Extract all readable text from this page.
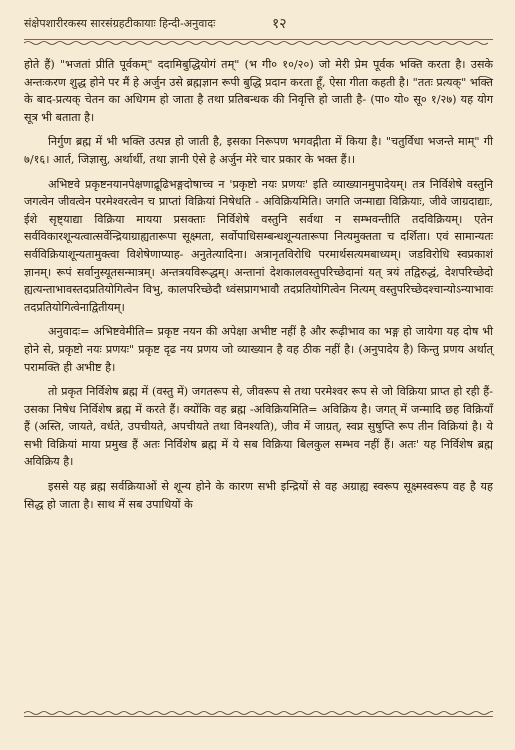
संक्षेपशारीरकस्य सारसंग्रहटीकायाः हिन्दी-अनुवादः	१२

होते हैं) "भजतां प्रीति पूर्वकम्" ददामिबुद्धियोगं तम्" (भ गी० १०/२०) जो मेरी प्रेम पूर्वक भक्ति करता है। उसके अन्तःकरण शुद्ध होने पर मैं हे अर्जुन उसे ब्रह्मज्ञान रूपी बुद्धि प्रदान करता हूँ, ऐसा गीता कहती है। "ततः प्रत्यक्" भक्ति के बाद-प्रत्यक् चेतन का अधिगम हो जाता है तथा प्रतिबन्धक की निवृत्ति हो जाती है- (पा० यो० सू० १/२७) यह योग सूत्र भी बताता है।

निर्गुण ब्रह्म में भी भक्ति उत्पन्न हो जाती है, इसका निरूपण भगवद्गीता में किया है। "चतुर्विधा भजन्ते माम्" गी ७/१६। आर्त, जिज्ञासु, अर्थार्थी, तथा ज्ञानी ऐसे हे अर्जुन मेरे चार प्रकार के भक्त हैं।।

अभिष्टवे प्रकृष्टनयानपेक्षणाद्रूढिभङ्गदोषाच्च न 'प्रकृष्टो नयः प्रणयः' इति व्याख्यानमुपादेयम्। तत्र निर्विशेषे वस्तुनि जगत्वेन जीवत्वेन परमेश्वरत्वेन च प्राप्तां विक्रियां निषेधति - अविक्रियमिति। जगति जन्माद्या विक्रियाः, जीवे जाग्रदाद्याः, ईशे सृष्ट्याद्या विक्रिया मायया प्रसक्ताः निर्विशेषे वस्तुनि सर्वथा न सम्भवन्तीति तदविक्रियम्। एतेन सर्वविकारशून्यत्वात्सर्वेन्द्रियाग्राह्यतारूपा सूक्ष्मता, सर्वोपाधिसम्बन्धशून्यतारूपा नित्यमुक्तता च दर्शिता। एवं सामान्यतः सर्वविक्रियाशून्यतामुक्त्वा विशेषेणाप्याह- अनुतेत्यादिना। अत्रानृतविरोधि परमार्थसत्यमबाध्यम्। जडविरोधि स्वप्रकाशं ज्ञानम्। रूपं सर्वानुस्यूतसन्मात्रम्। अन्तत्रयविरूद्धम्। अन्तानां देशकालवस्तुपरिच्छेदानां यत् त्रयं तद्विरुद्धं, देशपरिच्छेदो ह्यत्यन्ताभावस्तदप्रतियोगित्वेन विभु, कालपरिच्छेदौ ध्वंसप्रागभावौ तदप्रतियोगित्वेन नित्यम् वस्तुपरिच्छेदश्चान्योऽन्याभावः तदप्रतियोगित्वेनाद्वितीयम्।

अनुवादः= अभिष्टवेमीति= प्रकृष्ट नयन की अपेक्षा अभीष्ट नहीं है और रूढ़ीभाव का भङ्ग हो जायेगा यह दोष भी होने से, प्रकृष्टो नयः प्रणयः" प्रकृष्ट दृढ नय प्रणय जो व्याख्यान है वह ठीक नहीं है। (अनुपादेय है) किन्तु प्रणय अर्थात् परामक्ति ही अभीष्ट है।

तो प्रकृत निर्विशेष ब्रह्म में (वस्तु में) जगतरूप से, जीवरूप से तथा परमेश्वर रूप से जो विक्रिया प्राप्त हो रही हैं- उसका निषेध निर्विशेष ब्रह्म में करते हैं। क्योंकि वह ब्रह्म -अविक्रियमिति= अविक्रिय है। जगत् में जन्मादि छह विक्रियाँ हैं (अस्ति, जायते, वर्धते, उपचीयते, अपचीयते तथा विनश्यति), जीव में जाग्रत्, स्वप्न सुषुप्ति रूप तीन विक्रियां है। ये सभी विक्रियां माया प्रमुख हैं अतः निर्विशेष ब्रह्म में ये सब विक्रिया बिलकुल सम्भव नहीं हैं। अतः' यह निर्विशेष ब्रह्म अविक्रिय है।

इससे यह ब्रह्म सर्वक्रियाओं से शून्य होने के कारण सभी इन्द्रियों से वह अग्राह्य स्वरूप सूक्ष्मस्वरूप वह है यह सिद्ध हो जाता है। साथ में सब उपाधियों के
